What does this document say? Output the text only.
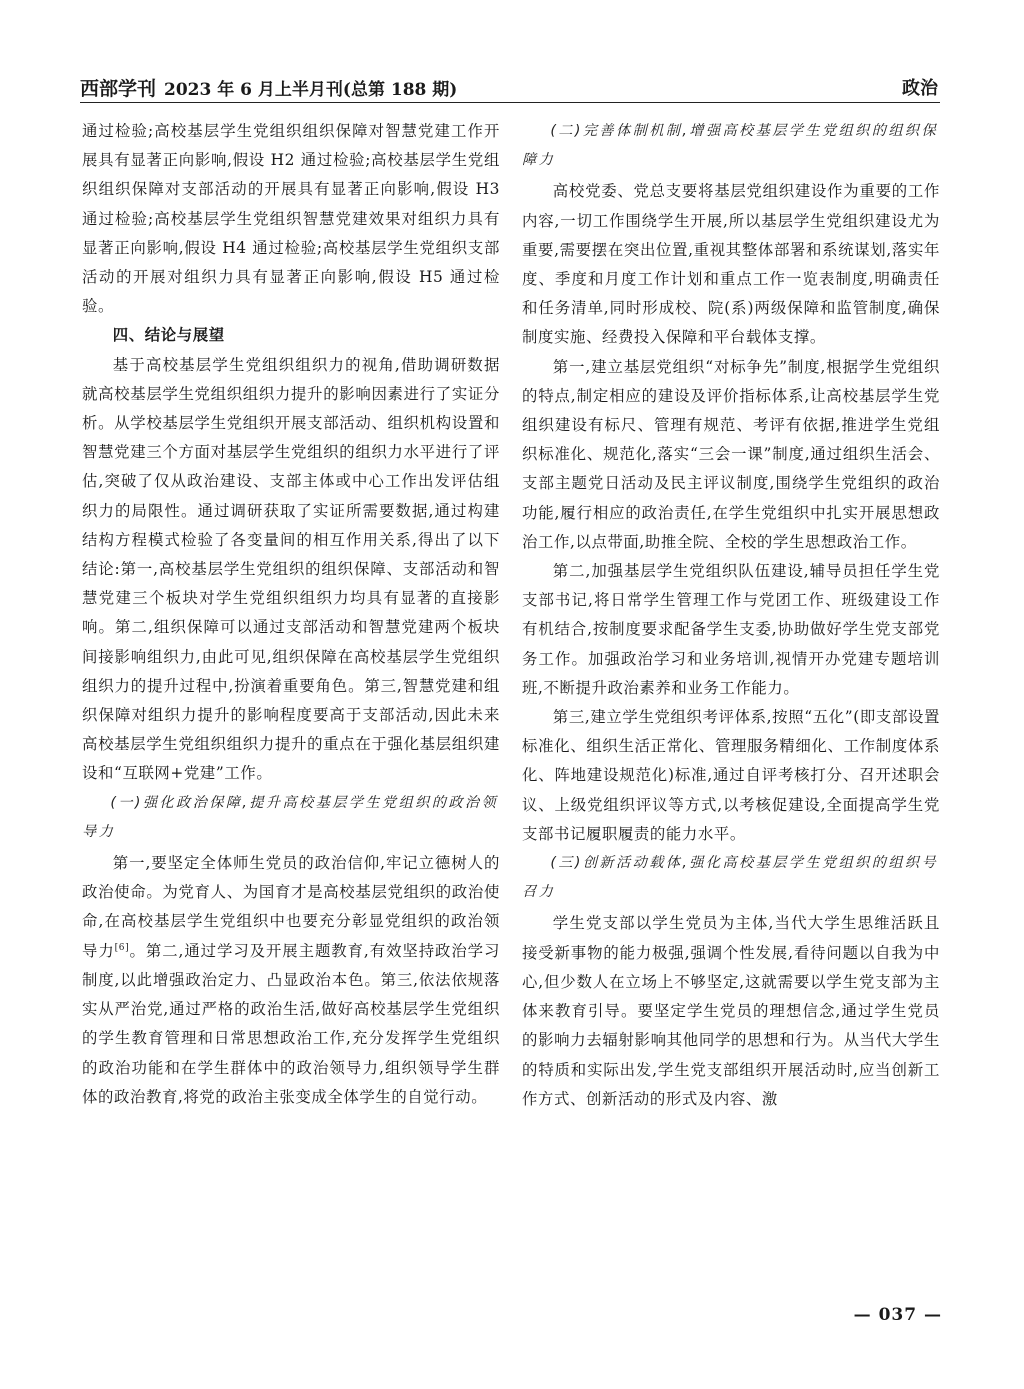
西部学刊 2023 年 6 月上半月刊(总第 188 期)	政治

通过检验;高校基层学生党组织组织保障对智慧党建工作开展具有显著正向影响,假设 H2 通过检验;高校基层学生党组织组织保障对支部活动的开展具有显著正向影响,假设 H3 通过检验;高校基层学生党组织智慧党建效果对组织力具有显著正向影响,假设 H4 通过检验;高校基层学生党组织支部活动的开展对组织力具有显著正向影响,假设 H5 通过检验。

四、结论与展望

基于高校基层学生党组织组织力的视角,借助调研数据就高校基层学生党组织组织力提升的影响因素进行了实证分析。从学校基层学生党组织开展支部活动、组织机构设置和智慧党建三个方面对基层学生党组织的组织力水平进行了评估,突破了仅从政治建设、支部主体或中心工作出发评估组织力的局限性。通过调研获取了实证所需要数据,通过构建结构方程模式检验了各变量间的相互作用关系,得出了以下结论:第一,高校基层学生党组织的组织保障、支部活动和智慧党建三个板块对学生党组织组织力均具有显著的直接影响。第二,组织保障可以通过支部活动和智慧党建两个板块间接影响组织力,由此可见,组织保障在高校基层学生党组织组织力的提升过程中,扮演着重要角色。第三,智慧党建和组织保障对组织力提升的影响程度要高于支部活动,因此未来高校基层学生党组织组织力提升的重点在于强化基层组织建设和“互联网+党建”工作。

(一)强化政治保障,提升高校基层学生党组织的政治领导力

第一,要坚定全体师生党员的政治信仰,牢记立德树人的政治使命。为党育人、为国育才是高校基层党组织的政治使命,在高校基层学生党组织中也要充分彰显党组织的政治领导力[6]。第二,通过学习及开展主题教育,有效坚持政治学习制度,以此增强政治定力、凸显政治本色。第三,依法依规落实从严治党,通过严格的政治生活,做好高校基层学生党组织的学生教育管理和日常思想政治工作,充分发挥学生党组织的政治功能和在学生群体中的政治领导力,组织领导学生群体的政治教育,将党的政治主张变成全体学生的自觉行动。

(二)完善体制机制,增强高校基层学生党组织的组织保障力

高校党委、党总支要将基层党组织建设作为重要的工作内容,一切工作围绕学生开展,所以基层学生党组织建设尤为重要,需要摆在突出位置,重视其整体部署和系统谋划,落实年度、季度和月度工作计划和重点工作一览表制度,明确责任和任务清单,同时形成校、院(系)两级保障和监管制度,确保制度实施、经费投入保障和平台载体支撑。

第一,建立基层党组织“对标争先”制度,根据学生党组织的特点,制定相应的建设及评价指标体系,让高校基层学生党组织建设有标尺、管理有规范、考评有依据,推进学生党组织标准化、规范化,落实“三会一课”制度,通过组织生活会、支部主题党日活动及民主评议制度,围绕学生党组织的政治功能,履行相应的政治责任,在学生党组织中扎实开展思想政治工作,以点带面,助推全院、全校的学生思想政治工作。

第二,加强基层学生党组织队伍建设,辅导员担任学生党支部书记,将日常学生管理工作与党团工作、班级建设工作有机结合,按制度要求配备学生支委,协助做好学生党支部党务工作。加强政治学习和业务培训,视情开办党建专题培训班,不断提升政治素养和业务工作能力。

第三,建立学生党组织考评体系,按照“五化”(即支部设置标准化、组织生活正常化、管理服务精细化、工作制度体系化、阵地建设规范化)标准,通过自评考核打分、召开述职会议、上级党组织评议等方式,以考核促建设,全面提高学生党支部书记履职履责的能力水平。

(三)创新活动载体,强化高校基层学生党组织的组织号召力

学生党支部以学生党员为主体,当代大学生思维活跃且接受新事物的能力极强,强调个性发展,看待问题以自我为中心,但少数人在立场上不够坚定,这就需要以学生党支部为主体来教育引导。要坚定学生党员的理想信念,通过学生党员的影响力去辐射影响其他同学的思想和行为。从当代大学生的特质和实际出发,学生党支部组织开展活动时,应当创新工作方式、创新活动的形式及内容、激

— 037 —
